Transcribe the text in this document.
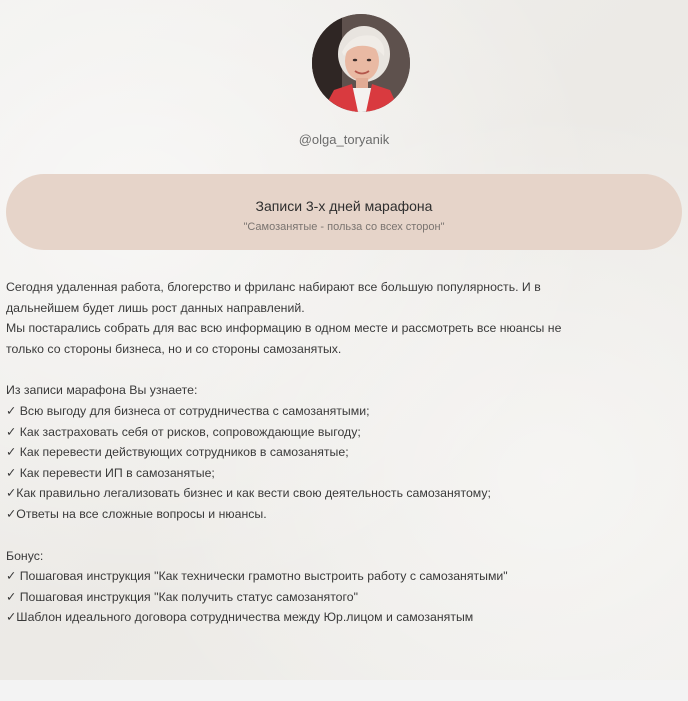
@olga_toryanik
Записи 3-х дней марафона
"Самозанятые - польза со всех сторон"

Сегодня удаленная работа, блогерство и фриланс набирают все большую популярность. И в

дальнейшем будет лишь рост данных направлений.

Мы постарались собрать для вас всю информацию в одном месте и рассмотреть все нюансы не

только со стороны бизнеса, но и со стороны самозанятых.

Из записи марафона Вы узнаете:

✓ Всю выгоду для бизнеса от сотрудничества с самозанятыми;

✓ Как застраховать себя от рисков, сопровождающие выгоду;

✓ Как перевести действующих сотрудников в самозанятые;

✓ Как перевести ИП в самозанятые;

✓Как правильно легализовать бизнес и как вести свою деятельность самозанятому;

✓Ответы на все сложные вопросы и нюансы.

Бонус:

✓ Пошаговая инструкция "Как технически грамотно выстроить работу с самозанятыми"

✓ Пошаговая инструкция "Как получить статус самозанятого"

✓Шаблон идеального договора сотрудничества между Юр.лицом и самозанятым
